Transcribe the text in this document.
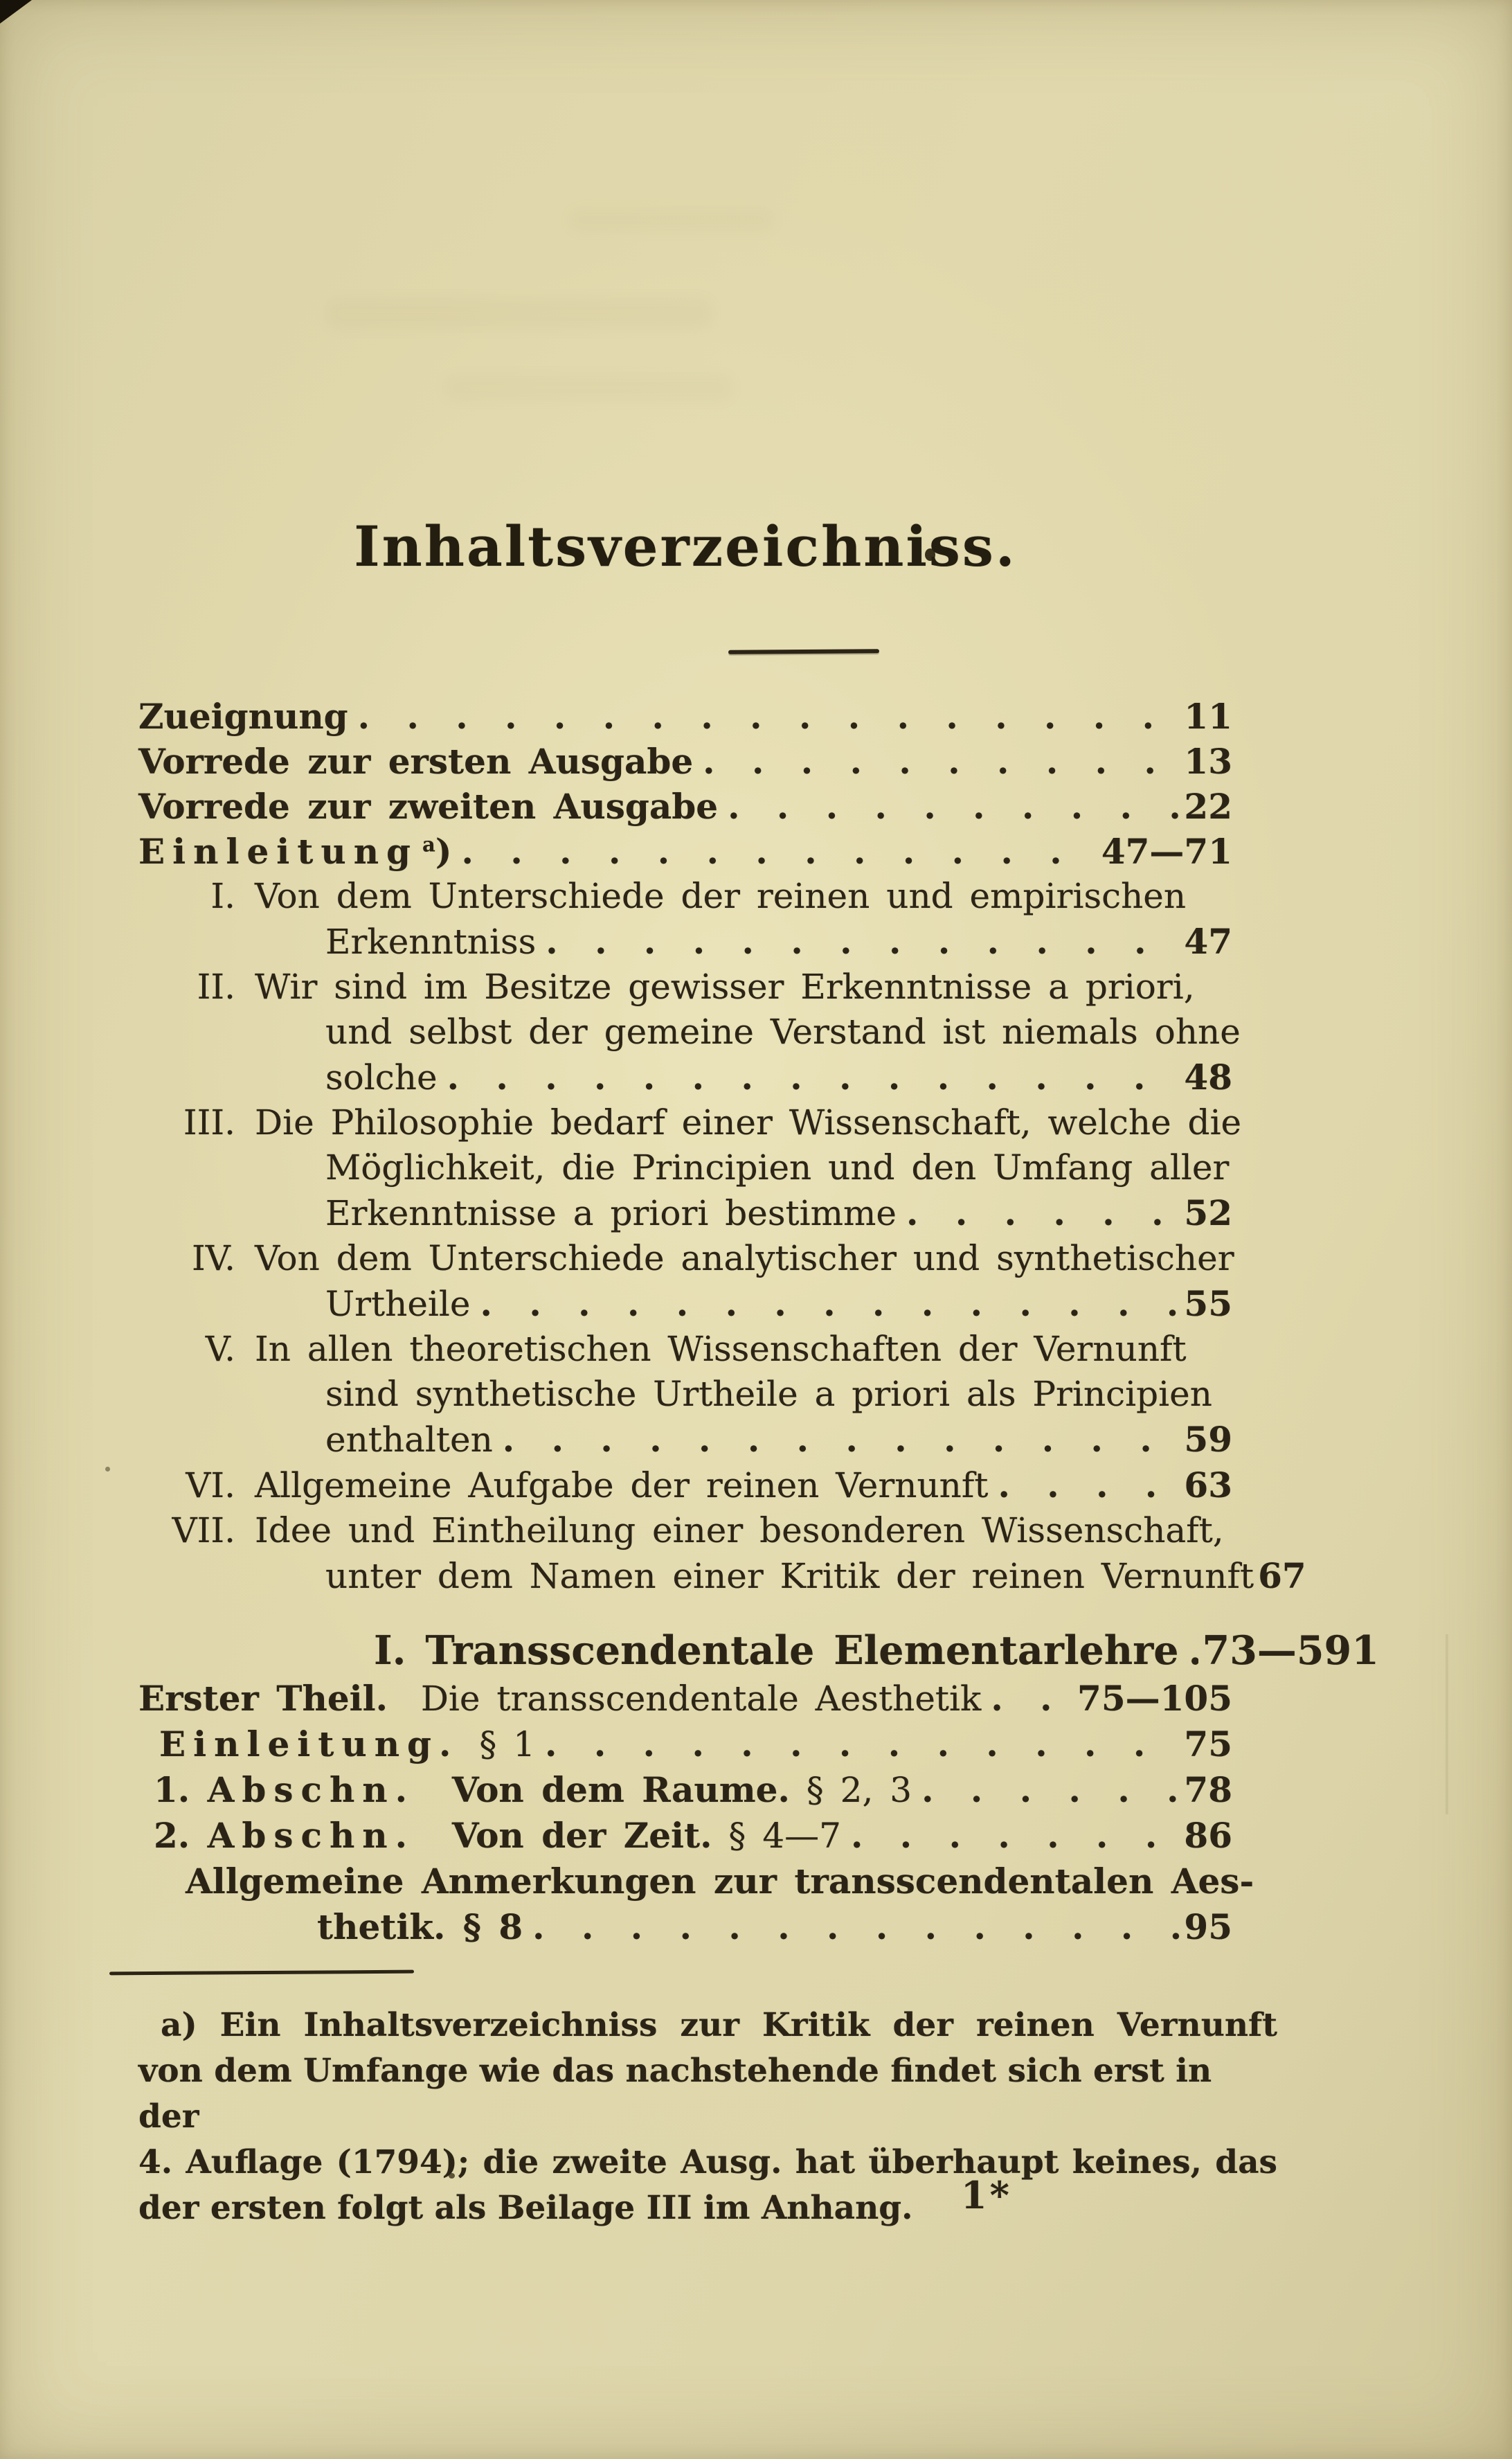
Inhaltsverzeichniss.
Zueignung . . .	11
Vorrede zur ersten Ausgabe . . .	13
Vorrede zur zweiten Ausgabe . . .	22
Einleitung $^a$) . . .	47—71
I. Von dem Unterschiede der reinen und empirischen
Erkenntniss . . .	47
II. Wir sind im Besitze gewisser Erkenntnisse a priori,
und selbst der gemeine Verstand ist niemals ohne
solche . . .	48
III. Die Philosophie bedarf einer Wissenschaft, welche die
Möglichkeit, die Principien und den Umfang aller
Erkenntnisse a priori bestimme . . .	52
IV. Von dem Unterschiede analytischer und synthetischer
Urtheile . . .	55
V. In allen theoretischen Wissenschaften der Vernunft
sind synthetische Urtheile a priori als Principien
enthalten . . .	59
VI. Allgemeine Aufgabe der reinen Vernunft . . .	63
VII. Idee und Eintheilung einer besonderen Wissenschaft,
unter dem Namen einer Kritik der reinen Vernunft 67
I. Transscendentale Elementarlehre . . . 73—591
Erster Theil.  Die transscendentale Aesthetik . . .	75—105
Einleitung. § 1 . . .	75
1. Abschn. Von dem Raume. § 2, 3 . . .	78
2. Abschn. Von der Zeit. § 4—7 . . .	86
Allgemeine Anmerkungen zur transscendentalen Aes-
thetik. § 8 . . .	95
a) Ein Inhaltsverzeichniss zur Kritik der reinen Vernunft
von dem Umfange wie das nachstehende findet sich erst in der
4. Auflage (1794); die zweite Ausg. hat überhaupt keines, das
der ersten folgt als Beilage III im Anhang.	1*
